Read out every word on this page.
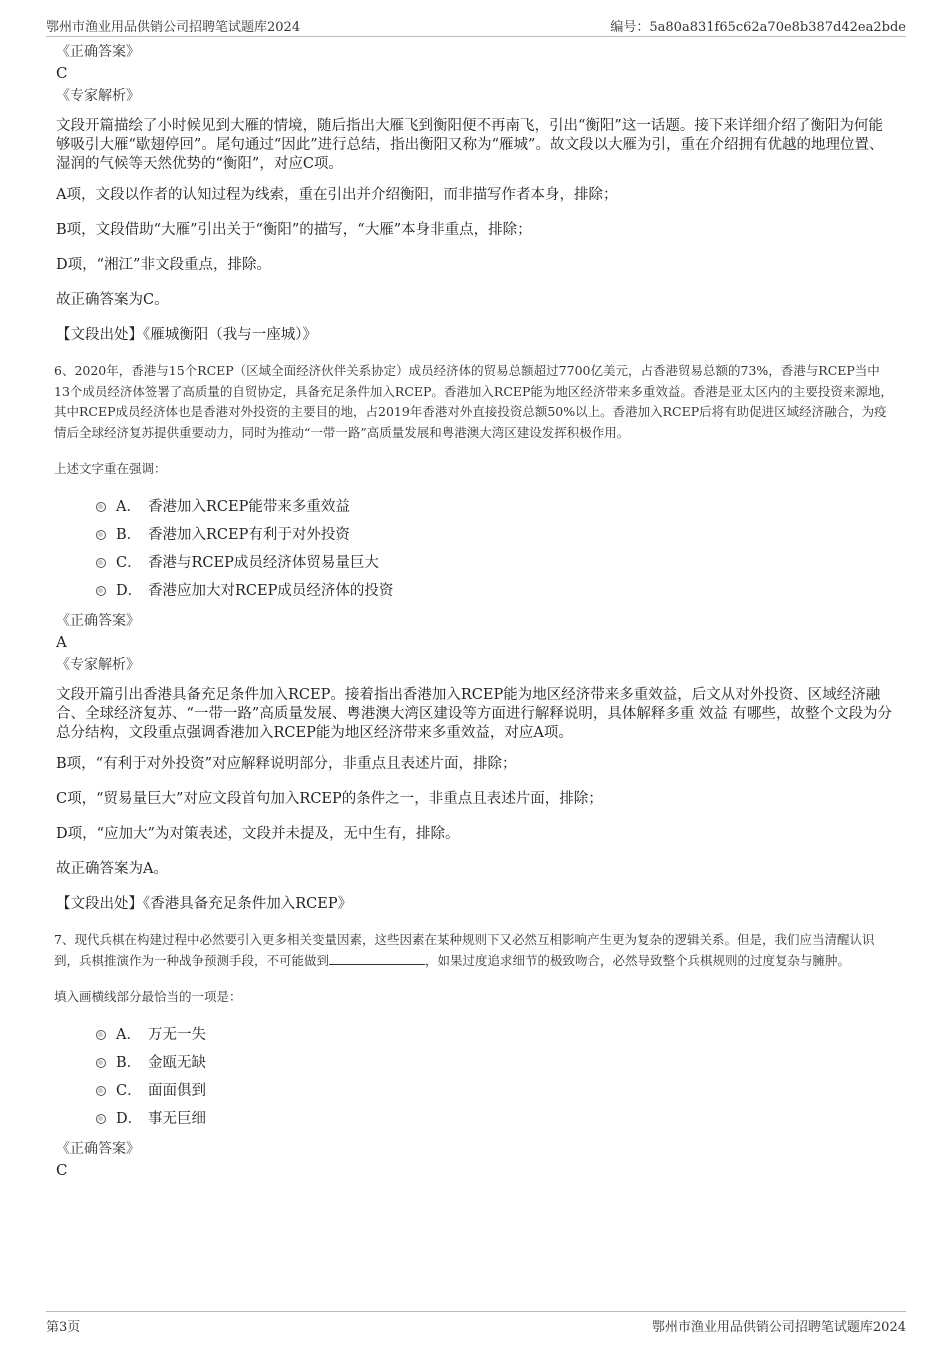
鄂州市渔业用品供销公司招聘笔试题库2024	编号：5a80a831f65c62a70e8b387d42ea2bde
《正确答案》
C
《专家解析》
文段开篇描绘了小时候见到大雁的情境，随后指出大雁飞到衡阳便不再南飞，引出“衡阳”这一话题。接下来详细介绍了衡阳为何能够吸引大雁“歇翅停回”。尾句通过“因此”进行总结，指出衡阳又称为“雁城”。故文段以大雁为引，重在介绍拥有优越的地理位置、湿润的气候等天然优势的“衡阳”，对应C项。
A项，文段以作者的认知过程为线索，重在引出并介绍衡阳，而非描写作者本身，排除；
B项，文段借助“大雁”引出关于“衡阳”的描写，“大雁”本身非重点，排除；
D项，“湘江”非文段重点，排除。
故正确答案为C。
【文段出处】《雁城衡阳（我与一座城）》
6、2020年，香港与15个RCEP（区域全面经济伙伴关系协定）成员经济体的贸易总额超过7700亿美元，占香港贸易总额的73%，香港与RCEP当中13个成员经济体签署了高质量的自贸协定，具备充足条件加入RCEP。香港加入RCEP能为地区经济带来多重效益。香港是亚太区内的主要投资来源地，其中RCEP成员经济体也是香港对外投资的主要目的地，占2019年香港对外直接投资总额50%以上。香港加入RCEP后将有助促进区域经济融合，为疫情后全球经济复苏提供重要动力，同时为推动“一带一路”高质量发展和粤港澳大湾区建设发挥积极作用。
上述文字重在强调：
A． 香港加入RCEP能带来多重效益
B． 香港加入RCEP有利于对外投资
C． 香港与RCEP成员经济体贸易量巨大
D． 香港应加大对RCEP成员经济体的投资
《正确答案》
A
《专家解析》
文段开篇引出香港具备充足条件加入RCEP。接着指出香港加入RCEP能为地区经济带来多重效益，后文从对外投资、区域经济融合、全球经济复苏、“一带一路”高质量发展、粤港澳大湾区建设等方面进行解释说明，具体解释多重 效益 有哪些，故整个文段为分总分结构，文段重点强调香港加入RCEP能为地区经济带来多重效益，对应A项。
B项，“有利于对外投资”对应解释说明部分，非重点且表述片面，排除；
C项，“贸易量巨大”对应文段首句加入RCEP的条件之一，非重点且表述片面，排除；
D项，“应加大”为对策表述，文段并未提及，无中生有，排除。
故正确答案为A。
【文段出处】《香港具备充足条件加入RCEP》
7、现代兵棋在构建过程中必然要引入更多相关变量因素，这些因素在某种规则下又必然互相影响产生更为复杂的逻辑关系。但是，我们应当清醒认识到，兵棋推演作为一种战争预测手段，不可能做到	，如果过度追求细节的极致吻合，必然导致整个兵棋规则的过度复杂与臃肿。
填入画横线部分最恰当的一项是：
A． 万无一失
B． 金瓯无缺
C． 面面俱到
D． 事无巨细
《正确答案》
C
第3页	鄂州市渔业用品供销公司招聘笔试题库2024
